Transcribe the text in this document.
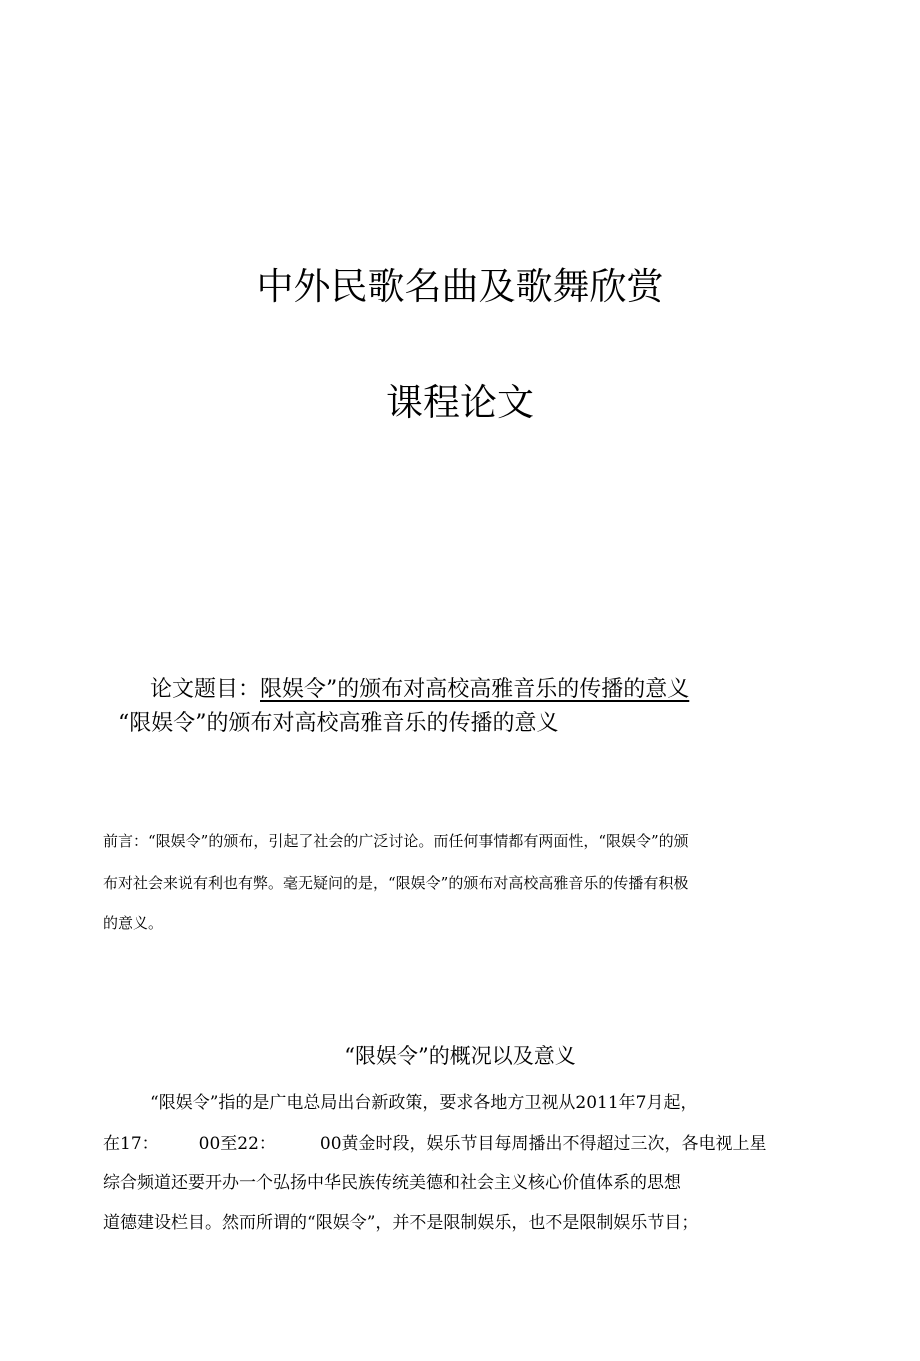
中外民歌名曲及歌舞欣赏
课程论文
论文题目：限娱令”的颁布对高校高雅音乐的传播的意义
“限娱令”的颁布对高校高雅音乐的传播的意义
前言：“限娱令”的颁布，引起了社会的广泛讨论。而任何事情都有两面性，“限娱令”的颁
布对社会来说有利也有弊。毫无疑问的是，“限娱令”的颁布对高校高雅音乐的传播有积极
的意义。
“限娱令”的概况以及意义
“限娱令”指的是广电总局出台新政策，要求各地方卫视从2011年7月起，
在17： 00至22：	00黄金时段，娱乐节目每周播出不得超过三次，各电视上星
综合频道还要开办一个弘扬中华民族传统美德和社会主义核心价值体系的思想
道德建设栏目。然而所谓的“限娱令”，并不是限制娱乐，也不是限制娱乐节目；
